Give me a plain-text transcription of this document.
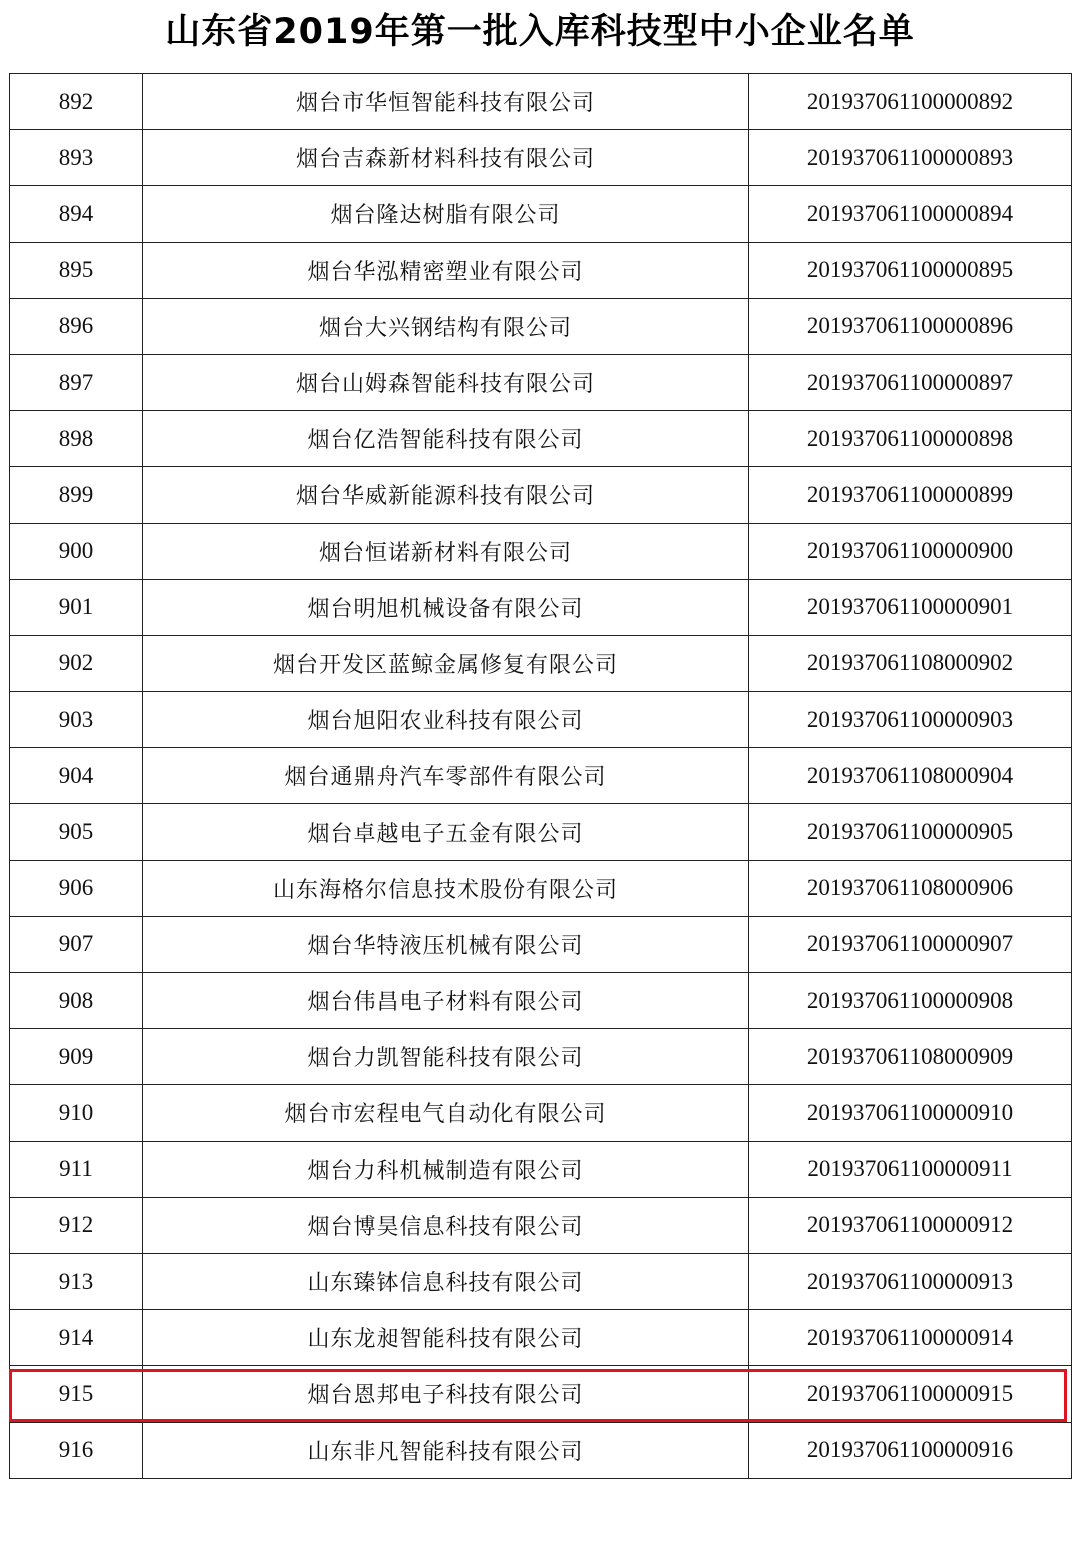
山东省2019年第一批入库科技型中小企业名单
892	烟台市华恒智能科技有限公司	201937061100000892
893	烟台吉森新材料科技有限公司	201937061100000893
894	烟台隆达树脂有限公司	201937061100000894
895	烟台华泓精密塑业有限公司	201937061100000895
896	烟台大兴钢结构有限公司	201937061100000896
897	烟台山姆森智能科技有限公司	201937061100000897
898	烟台亿浩智能科技有限公司	201937061100000898
899	烟台华威新能源科技有限公司	201937061100000899
900	烟台恒诺新材料有限公司	201937061100000900
901	烟台明旭机械设备有限公司	201937061100000901
902	烟台开发区蓝鲸金属修复有限公司	201937061108000902
903	烟台旭阳农业科技有限公司	201937061100000903
904	烟台通鼎舟汽车零部件有限公司	201937061108000904
905	烟台卓越电子五金有限公司	201937061100000905
906	山东海格尔信息技术股份有限公司	201937061108000906
907	烟台华特液压机械有限公司	201937061100000907
908	烟台伟昌电子材料有限公司	201937061100000908
909	烟台力凯智能科技有限公司	201937061108000909
910	烟台市宏程电气自动化有限公司	201937061100000910
911	烟台力科机械制造有限公司	201937061100000911
912	烟台博昊信息科技有限公司	201937061100000912
913	山东臻钵信息科技有限公司	201937061100000913
914	山东龙昶智能科技有限公司	201937061100000914
915	烟台恩邦电子科技有限公司	201937061100000915
916	山东非凡智能科技有限公司	201937061100000916
